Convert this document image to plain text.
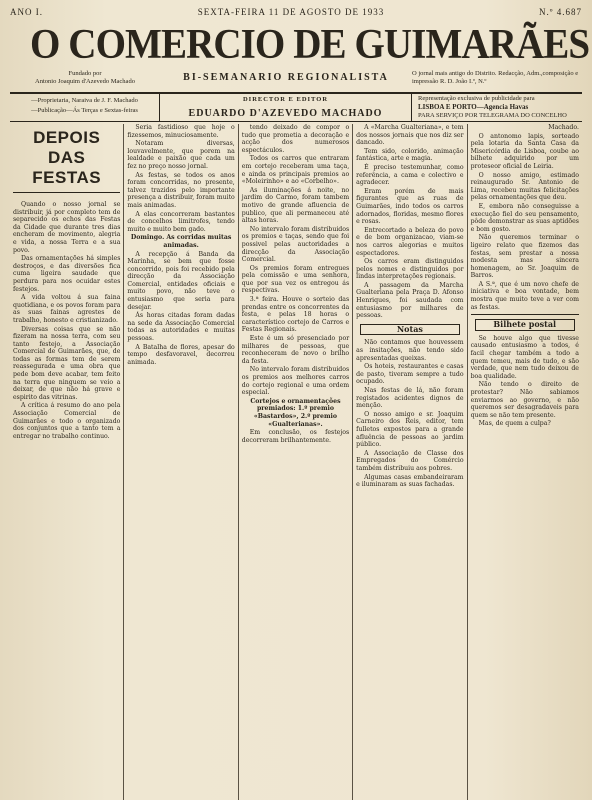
ANO I.	SEXTA-FEIRA 11 DE AGOSTO DE 1933	N.º 4.687
O COMERCIO DE GUIMARÃES
Fundado por
Antonio Joaquim d'Azevedo Machado	BI-SEMANARIO REGIONALISTA	O jornal mais antigo do Distrito. Redacção, Adm.,composição e impressão R. D. João I.º, N.º
—Proprietaria, Naraiva de J. F. Machado
—Publicação—Ás Terças e Sextas-feiras
DIRECTOR E EDITOR
EDUARDO D'AZEVEDO MACHADO
Representação exclusiva de publicidade para
LISBOA E PORTO—Agencia Havas
PARA SERVIÇO POR TELEGRAMA DO CONCELHO
DEPOIS DAS FESTAS

Quando o nosso jornal se distribuir, já por completo tem de separecido os echos das Festas da Cidade que durante tres dias encheram de movimento, alegria e vida, a nossa Terra e a sua povo.

Das ornamentações há simples destroços, e das diversões fica cuma ligeira saudade que perdura para nos ocuidar estes festejos.

A vida voltou á sua faina quotidiana, e os povos foram para as suas fainas agrestes de trabalho, honesto e cristianizado.

Diversas coisas que se não fizeram na nossa terra, com seu tanto festejo, a Associação Comercial de Guimarães, que, de todas as formas tem de serem reassegurada e uma obra que pede bom deve acabar, tem feito na terra que ninguem se veio a deixar, de que não há grave e espirito das vitrinas.

A crítica á resumo do ano pela Associação Comercial de Guimarães e todo o organizado dos conjuntos que a tanto tem a entregar no trabalho continuo.

Seria fastidioso que hoje o fizessemos, minuciosamente.

Notaram diversas, louvavelmente, que porem na lealdade e paixão que cada um fez no preço nosso jornal.

As festas, se todos os anos foram concorridas, no presente, talvez trazidos pelo importante presença a distribuir, foram muito mais animadas.

A elas concorreram bastantes de concelhos limitrofes, tendo muito e muito bem gado.

Domingo. As corridas muitas animadas.

A recepção á Banda da Marinha, se bem que fosse concorrido, pois foi recebido pela direcção da Associação Comercial, entidades oficiais e muito povo, não teve o entusiasmo que seria para desejar.

Ás horas citadas foram dadas na sede da Associação Comercial todas as autoridades e muitas pessoas.

A Batalha de flores, apesar do tempo desfavoravel, decorreu animada.

tendo deixado de compor o tudo que prometia a decoração e acção dos numerosos espectáculos.

Todos os carros que entraram em cortejo receberam uma taça, e ainda os principais premios ao «Moleirinho» e ao «Corbelho».

As iluminações á noite, no jardim do Carmo, foram tambem motivo de grande afluencia de publico, que ali permaneceu até altas horas.

No intervalo foram distribuidos os premios e taças, sendo que foi possivel pelas auctoridades a direcção da Associação Comercial.

Os premios foram entregues pela comissão e uma senhora, que por sua vez os entregou ás respectivas.

3.ª feira. Houve o sorteio das prendas entre os concorrentes da festa, e pelas 18 horas o característico cortejo de Carros e Festas Regionais.

Este é um só presenciado por milhares de pessoas, que reconheceram de novo o brilho da festa.

No intervalo foram distribuidos os premios aos melhores carros do cortejo regional e uma ordem especial.

Cortejos e ornamentações premiados: 1.º premio «Bastardos», 2.º premio «Gualterianas».

Em conclusão, os festejos decorreram brilhantemente.

A «Marcha Gualteriana», e tem dos nossos jornais que nos diz ser dancado.

Tem sido, colorido, animação fantástica, arte e magia.

É preciso testemunhar, como referência, a cama e colectivo e agradecer.

Eram porém de mais figurantes que as ruas de Guimarães, indo todos os carros adornados, floridas, mesmo flores e rosas.

Entrecortado a beleza do povo e de bom organizacao, viam-se nos carros alegorias e muitos espectadores.

Os carros eram distinguidos pelos nomes e distinguidos por lindas interpretações regionais.

A passagem da Marcha Gualteriana pela Praça D. Afonso Henriques, foi saudada com entusiasmo por milhares de pessoas.

Notas

Não contamos que houvessem as insitações, não tendo sido apresentadas queixas.

Os hoteis, restaurantes e casas de pasto, tiveram sempre a tudo ocupado.

Nas festas de lá, não foram registados acidentes dignos de menção.

O nosso amigo e sr. Joaquim Carneiro dos Reis, editor, tem fulletos expostos para a grande afluência de pessoas ao jardim público.

A Associação de Classe dos Empregados do Comércio também distribuiu aos pobres.

Algumas casas embandeiraram e iluminaram as suas fachadas.

Machado.

O antonomo lapis, sorteado pela lotaria da Santa Casa da Misericórdia de Lisboa, coube ao bilhete adquirido por um proteseor oficial de Leiria.

O nosso amigo, estimado reinaugurado Sr. Antonio de Lima, recebeu muitas felicitações pelas ornamentações que deu.

E, embora não conseguisse a execução fiel do seu pensamento, pôde demonstrar as suas aptidões e bom gosto.

Não queremos terminar o ligeiro relato que fizemos das festas, sem prestar a nossa modesta mas sincera homenagem, ao Sr. Joaquim de Barros.

A S.ª, que é um novo chefe de iniciativa e boa vontade, bem mostra que muito teve a ver com as festas.

Bilhete postal

Se houve algo que tivesse causado entusiasmo a todos, é facil chegar também a todo a quem temeu, mais de tudo, e são verdade, que nem tudo deixou de boa qualidade.

Não tendo o direito de protestar? Não sabiamos enviarmos ao governo, e não queremos ser desagradaveis para quem se não tem presente.

Mas, de quem a culpa?
